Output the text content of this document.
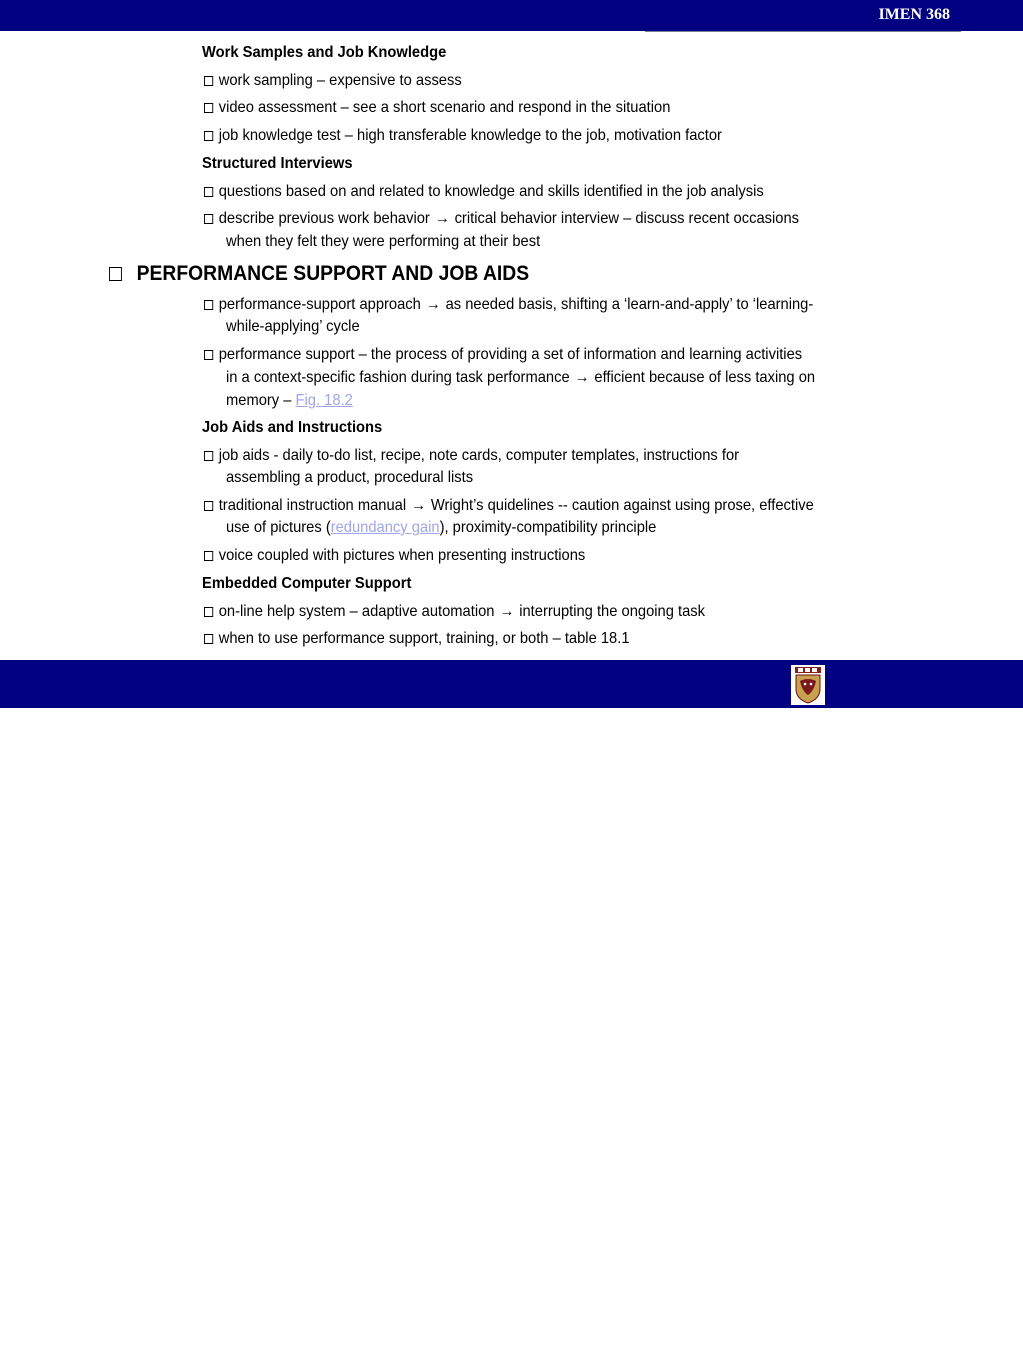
IMEN 368
Work Samples and Job Knowledge
work sampling – expensive to assess
video assessment – see a short scenario and respond in the situation
job knowledge test – high transferable knowledge to the job, motivation factor
Structured Interviews
questions based on and related to knowledge and skills identified in the job analysis
describe previous work behavior → critical behavior interview – discuss recent occasions
when they felt they were performing at their best
PERFORMANCE SUPPORT AND JOB AIDS
performance-support approach → as needed basis, shifting a ‘learn-and-apply’ to ‘learning-
while-applying’ cycle
performance support – the process of providing a set of information and learning activities
in a context-specific fashion during task performance → efficient because of less taxing on
memory – Fig. 18.2
Job Aids and Instructions
job aids - daily to-do list, recipe, note cards, computer templates, instructions for
assembling a product, procedural lists
traditional instruction manual → Wright’s quidelines -- caution against using prose, effective
use of pictures (redundancy gain), proximity-compatibility principle
voice coupled with pictures when presenting instructions
Embedded Computer Support
on-line help system – adaptive automation → interrupting the ongoing task
when to use performance support, training, or both – table 18.1
정보경영공학부
